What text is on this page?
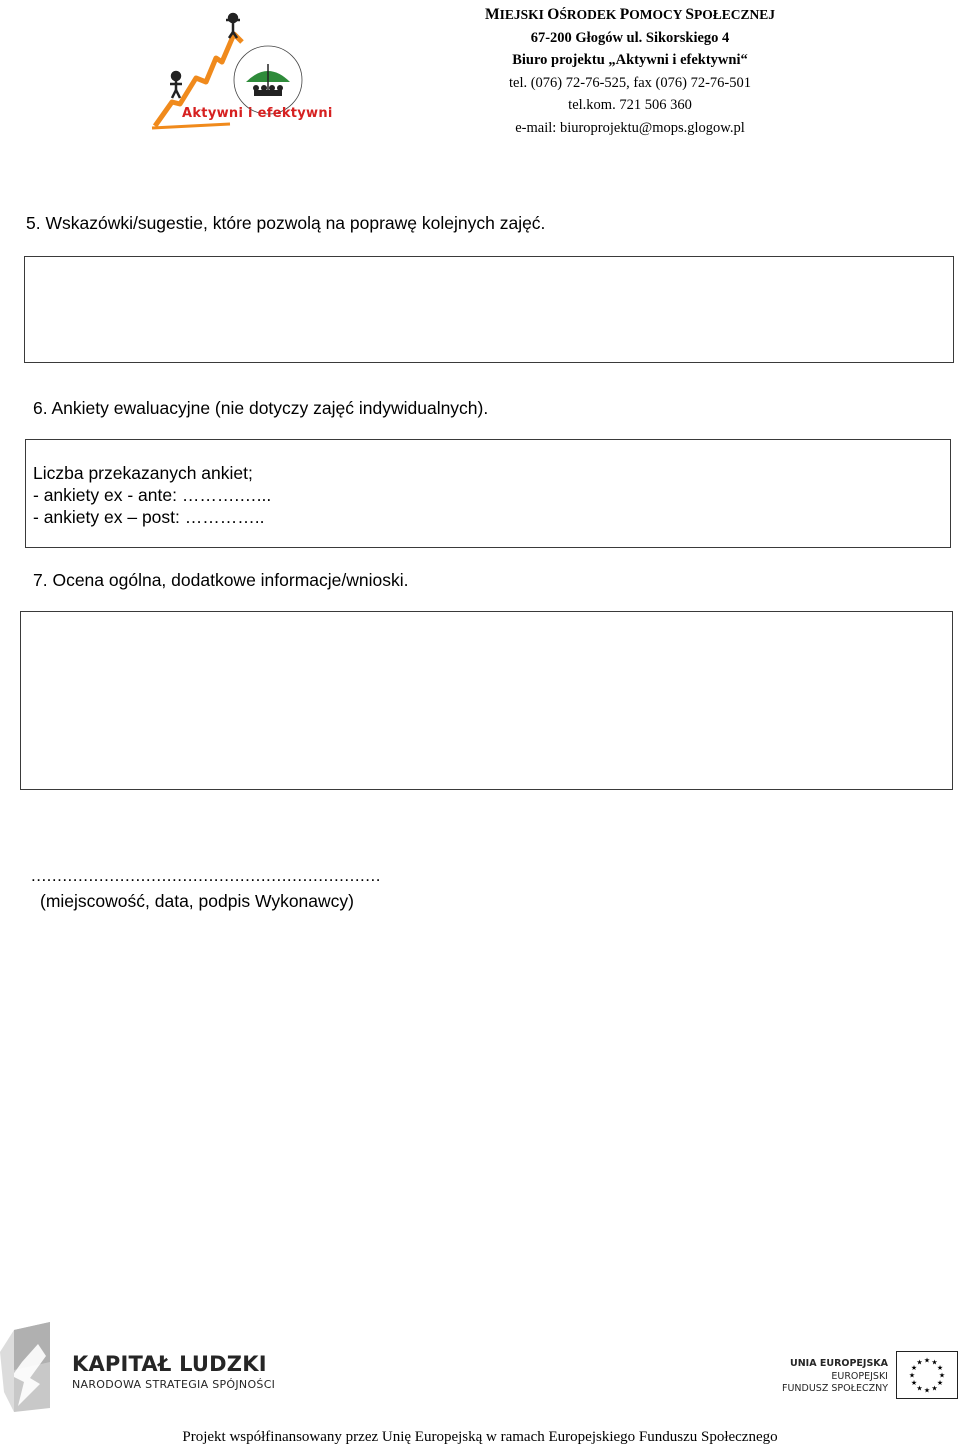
Aktywni i efektywni
MIEJSKI OŚRODEK POMOCY SPOŁECZNEJ
67-200 Głogów ul. Sikorskiego 4
Biuro projektu „Aktywni i efektywni“
tel. (076) 72-76-525, fax (076) 72-76-501
tel.kom. 721 506 360
e-mail: biuroprojektu@mops.glogow.pl
5. Wskazówki/sugestie, które pozwolą na poprawę kolejnych zajęć.
6. Ankiety ewaluacyjne (nie dotyczy zajęć indywidualnych).
Liczba przekazanych ankiet;
- ankiety ex - ante: ……….…...
- ankiety ex – post: …………..
7. Ocena ogólna, dodatkowe informacje/wnioski.
...................................................................
(miejscowość, data, podpis Wykonawcy)
KAPITAŁ LUDZKI
NARODOWA STRATEGIA SPÓJNOŚCI
UNIA EUROPEJSKA
EUROPEJSKI
FUNDUSZ SPOŁECZNY
★ ★
★
★
★
★
★
★
★
★
★
★
Projekt współfinansowany przez Unię Europejską w ramach Europejskiego Funduszu Społecznego
